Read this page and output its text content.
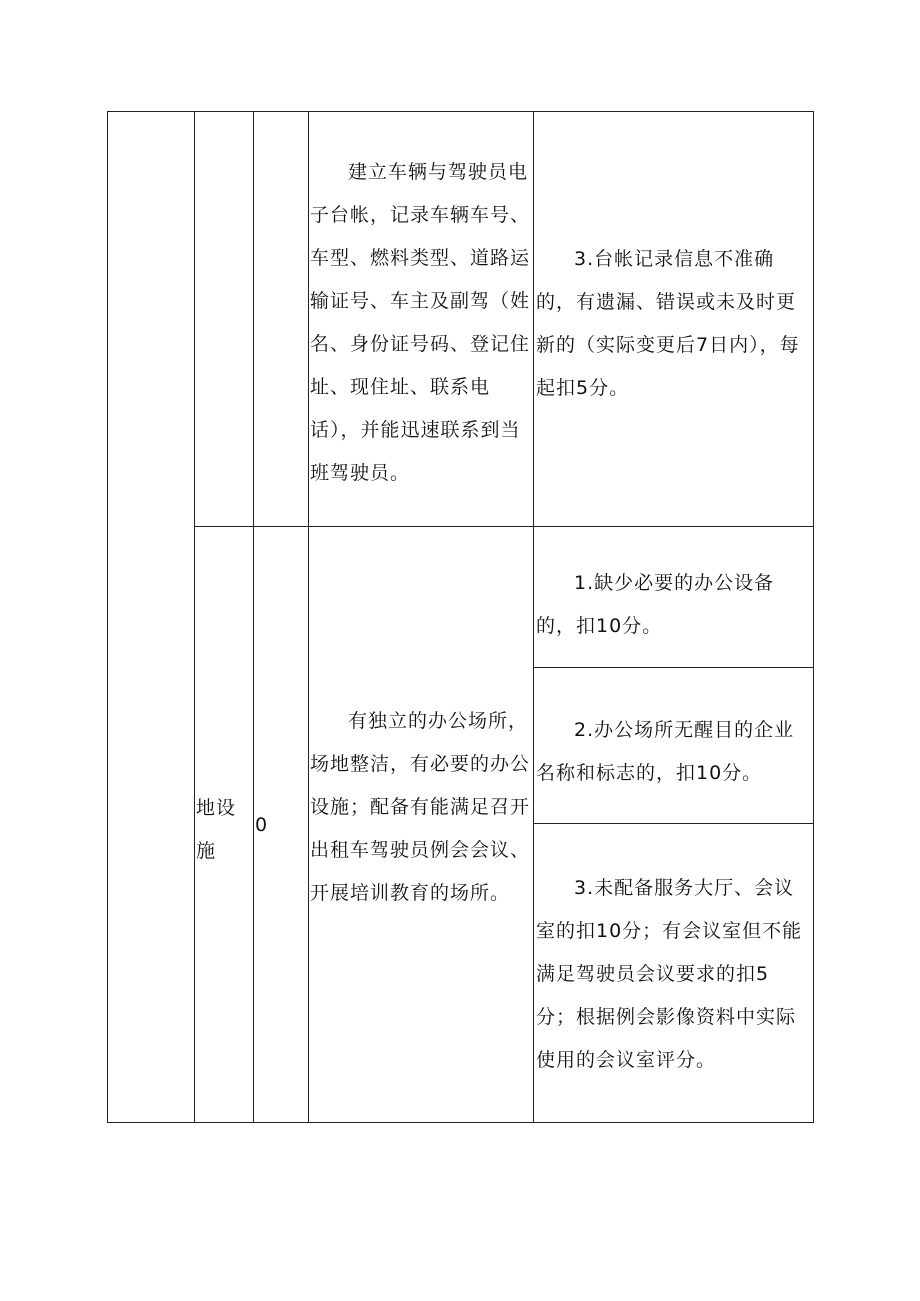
建立车辆与驾驶员电子台帐，记录车辆车号、车型、燃料类型、道路运输证号、车主及副驾（姓名、身份证号码、登记住址、现住址、联系电话），并能迅速联系到当班驾驶员。

3.台帐记录信息不准确的，有遗漏、错误或未及时更新的（实际变更后7日内），每起扣5分。

地设施

0

有独立的办公场所，场地整洁，有必要的办公设施；配备有能满足召开出租车驾驶员例会会议、开展培训教育的场所。

1.缺少必要的办公设备的，扣10分。

2.办公场所无醒目的企业名称和标志的，扣10分。

3.未配备服务大厅、会议室的扣10分；有会议室但不能满足驾驶员会议要求的扣5分；根据例会影像资料中实际使用的会议室评分。
